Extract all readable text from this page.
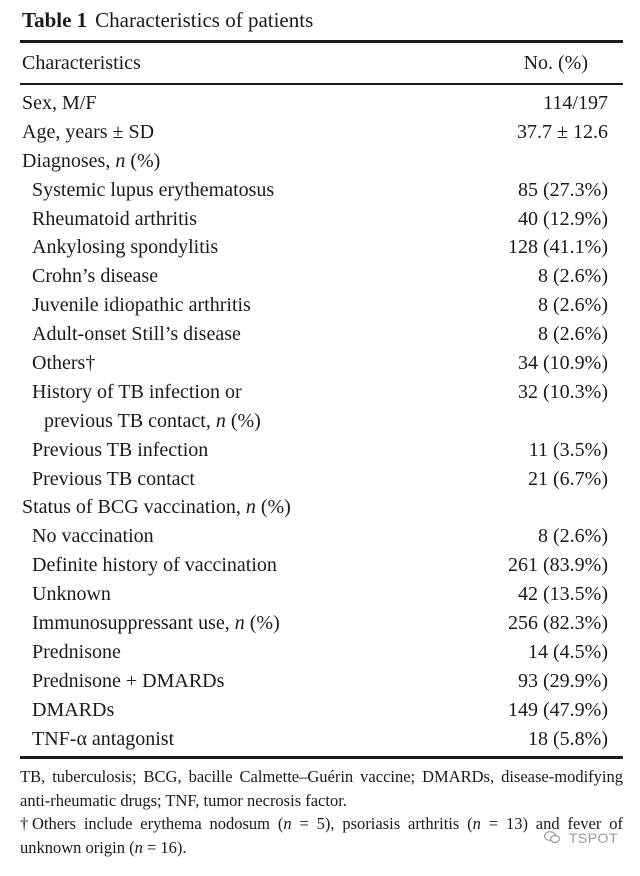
Table 1 Characteristics of patients
Characteristics	No. (%)
Sex, M/F	114/197
Age, years ± SD	37.7 ± 12.6
Diagnoses, n (%)
Systemic lupus erythematosus	85 (27.3%)
Rheumatoid arthritis	40 (12.9%)
Ankylosing spondylitis	128 (41.1%)
Crohn’s disease	8 (2.6%)
Juvenile idiopathic arthritis	8 (2.6%)
Adult-onset Still’s disease	8 (2.6%)
Others†	34 (10.9%)
History of TB infection or	32 (10.3%)
previous TB contact, n (%)
Previous TB infection	11 (3.5%)
Previous TB contact	21 (6.7%)
Status of BCG vaccination, n (%)
No vaccination	8 (2.6%)
Definite history of vaccination	261 (83.9%)
Unknown	42 (13.5%)
Immunosuppressant use, n (%)	256 (82.3%)
Prednisone	14 (4.5%)
Prednisone + DMARDs	93 (29.9%)
DMARDs	149 (47.9%)
TNF-α antagonist	18 (5.8%)

TB, tuberculosis; BCG, bacille Calmette–Guérin vaccine; DMARDs, disease-modifying anti-rheumatic drugs; TNF, tumor necrosis factor.

†Others include erythema nodosum (n = 5), psoriasis arthritis (n = 13) and fever of unknown origin (n = 16).	TSPOT
